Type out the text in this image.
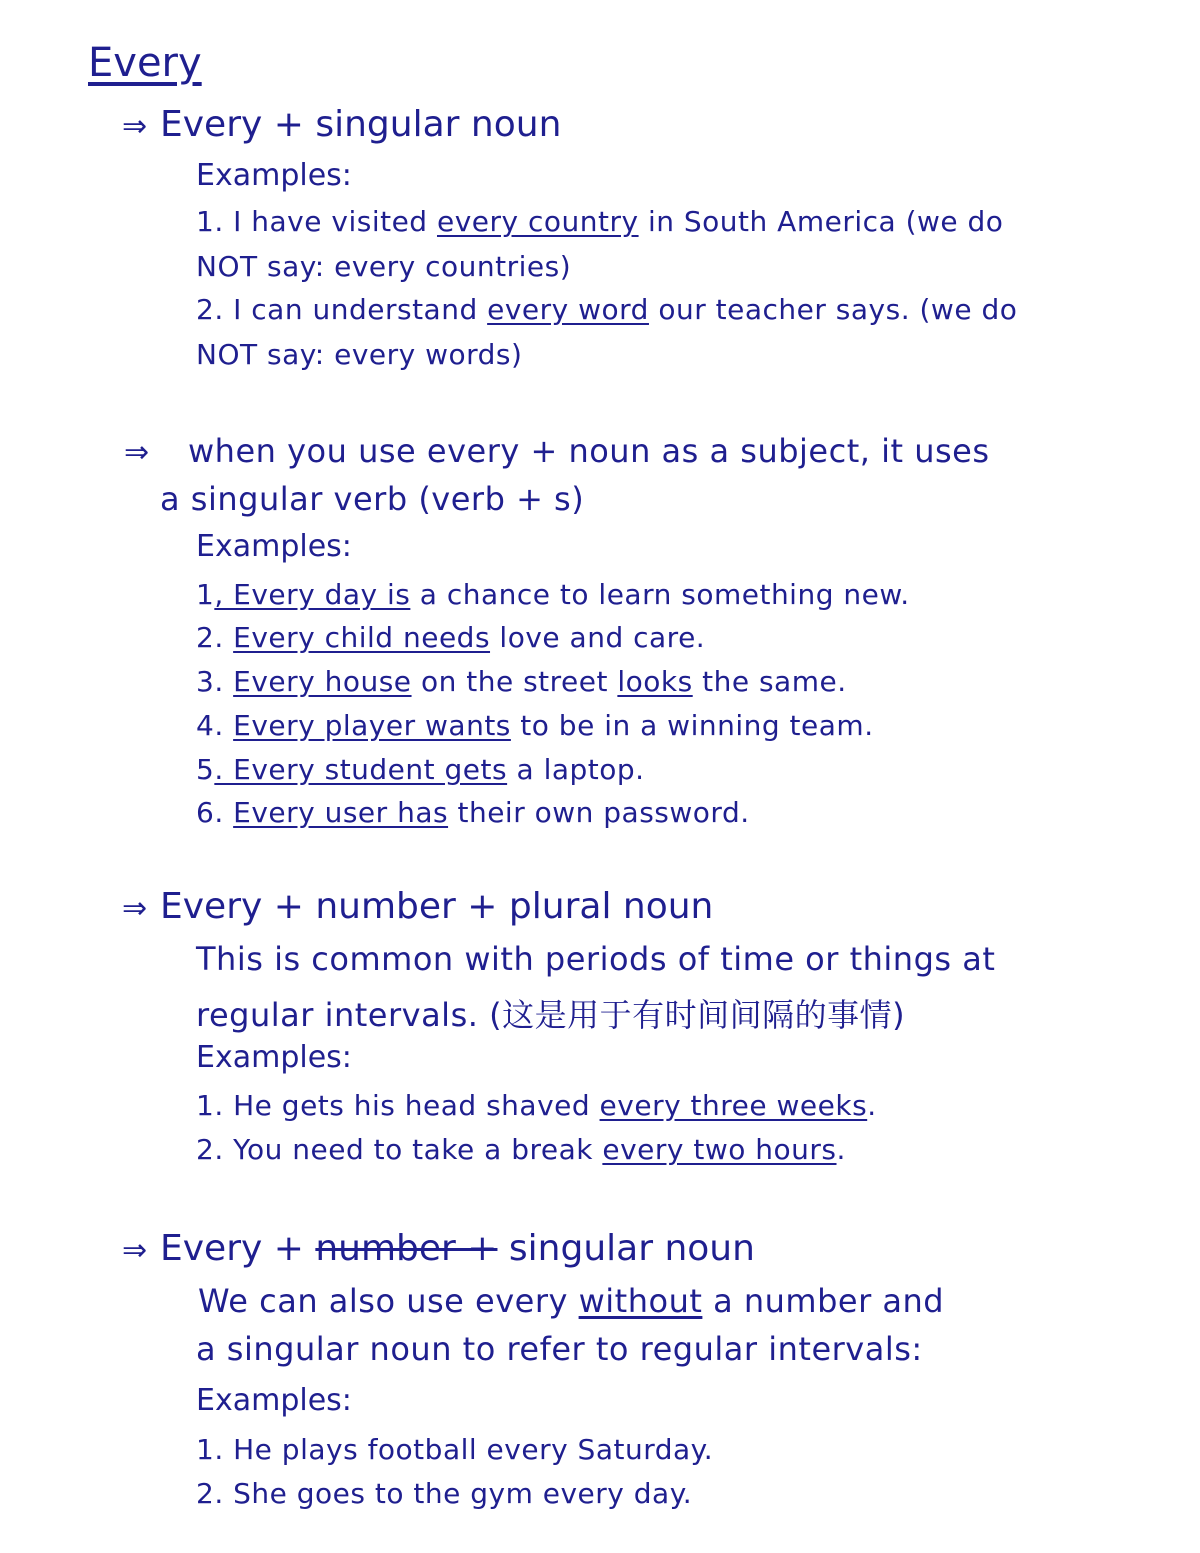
Every
⇒ Every + singular noun
Examples:
1. I have visited every country in South America (we do
NOT say: every countries)
2. I can understand every word our teacher says. (we do
NOT say: every words)
⇒ when you use every + noun as a subject, it uses
a singular verb (verb + s)
Examples:
1, Every day is a chance to learn something new.
2. Every child needs love and care.
3. Every house on the street looks the same.
4. Every player wants to be in a winning team.
5. Every student gets a laptop.
6. Every user has their own password.
⇒ Every + number + plural noun
This is common with periods of time or things at
regular intervals. (这是用于有时间间隔的事情)
Examples:
1. He gets his head shaved every three weeks.
2. You need to take a break every two hours.
⇒ Every + number + singular noun
We can also use every without a number and
a singular noun to refer to regular intervals:
Examples:
1. He plays football every Saturday.
2. She goes to the gym every day.
